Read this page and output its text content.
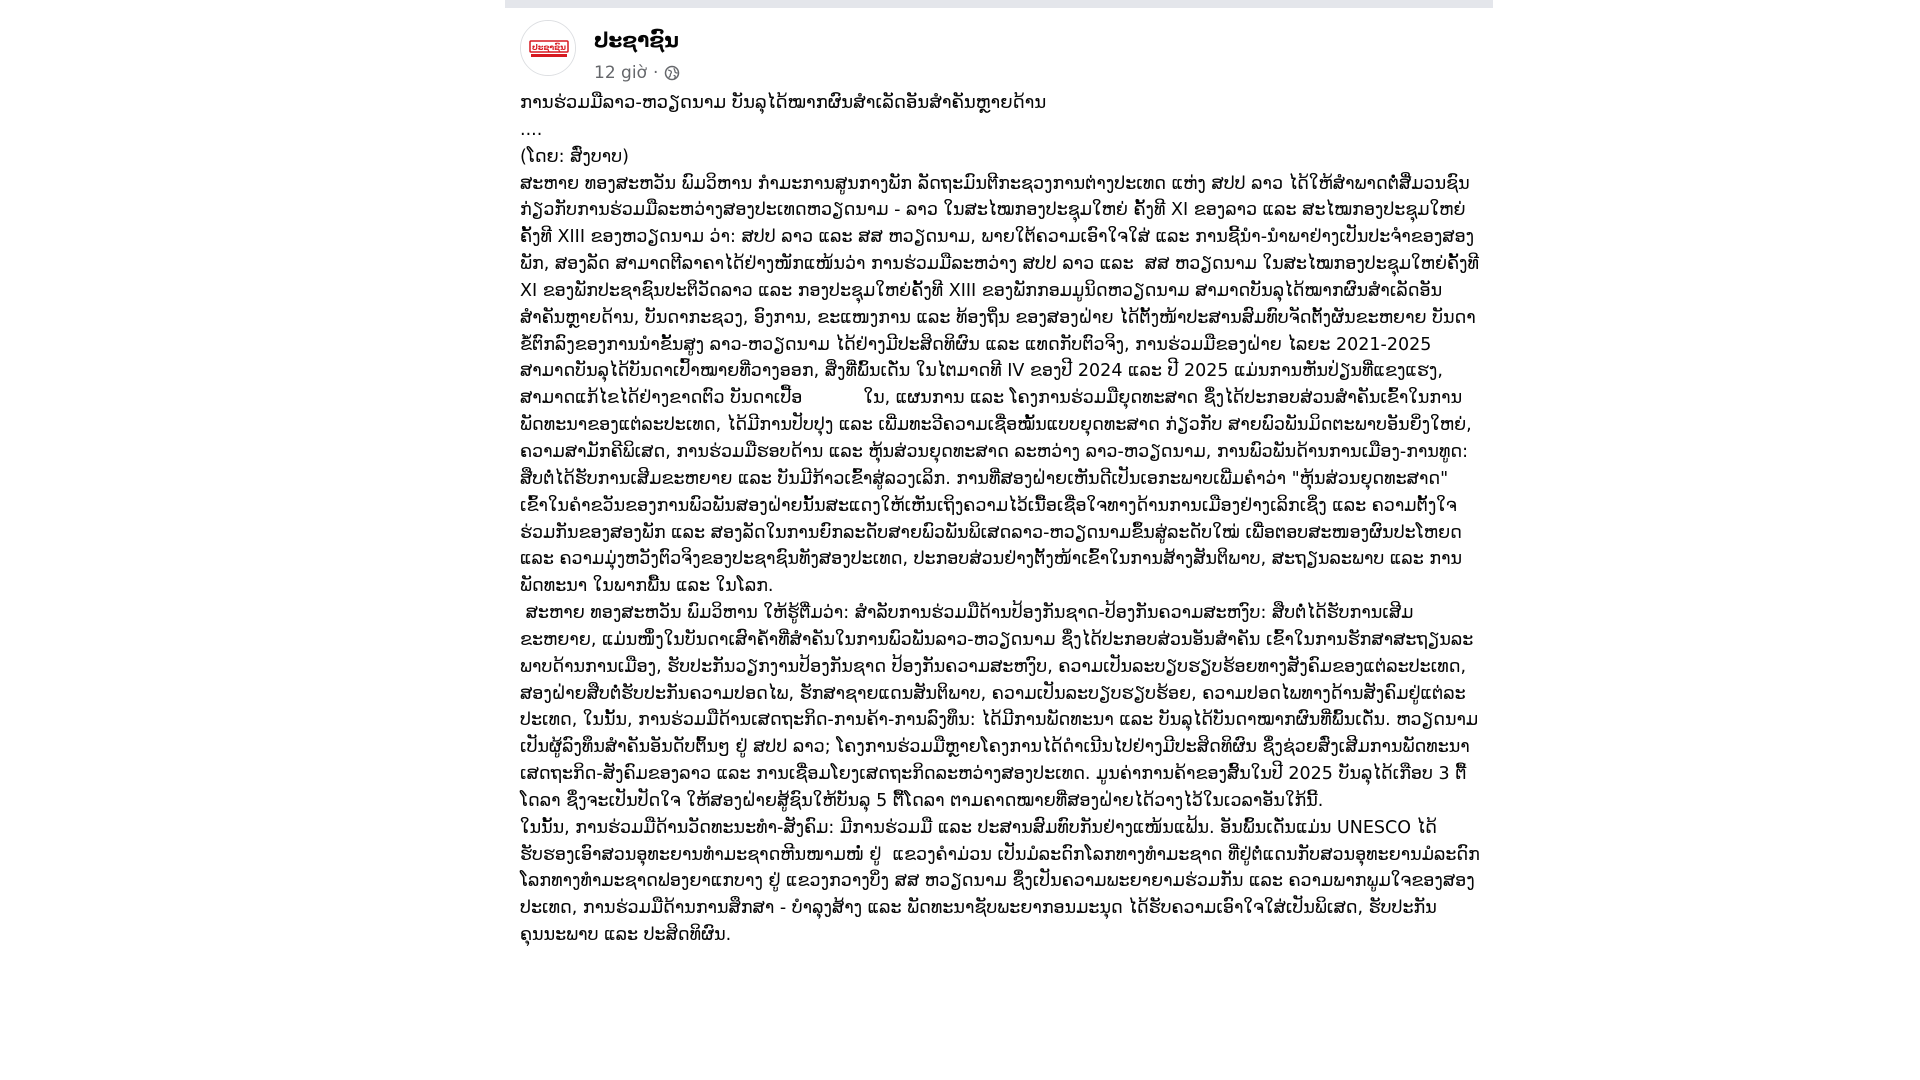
ປະຊາຊົນ ປະຊາຊົນ
12 giờ ·

ການຮ່ວມມືລາວ-ຫວຽດນາມ ບັນລຸໄດ້ໝາກຜົນສຳເລັດອັນສຳຄັນຫຼາຍດ້ານ

....

(ໂດຍ: ສົ່ງບາບ)

ສະຫາຍ ທອງສະຫວັນ ພົມວິຫານ ກຳມະການສູນກາງພັກ ລັດຖະມົນຕີກະຊວງການຕ່າງປະເທດ ແຫ່ງ ສປປ ລາວ ໄດ້ໃຫ້ສຳພາດຕໍ່ສື່ມວນຊົນກ່ຽວກັບການຮ່ວມມືລະຫວ່າງສອງປະເທດຫວຽດນາມ - ລາວ ໃນສະໄໝກອງປະຊຸມໃຫຍ່ ຄັ້ງທີ XI ຂອງລາວ ແລະ ສະໄໝກອງປະຊຸມໃຫຍ່ ຄັ້ງທີ XIII ຂອງຫວຽດນາມ ວ່າ: ສປປ ລາວ ແລະ ສສ ຫວຽດນາມ, ພາຍໃຕ້ຄວາມເອົາໃຈໃສ່ ແລະ ການຊີ້ນຳ-ນຳພາຢ່າງເປັນປະຈຳຂອງສອງພັກ, ສອງລັດ ສາມາດຕີລາຄາໄດ້ຢ່າງໜັກແໜ້ນວ່າ ການຮ່ວມມືລະຫວ່າງ ສປປ ລາວ ແລະ  ສສ ຫວຽດນາມ ໃນສະໄໝກອງປະຊຸມໃຫຍ່ຄັ້ງທີ XI ຂອງພັກປະຊາຊົນປະຕິວັດລາວ ແລະ ກອງປະຊຸມໃຫຍ່ຄັ້ງທີ XIII ຂອງພັກກອມມູນິດຫວຽດນາມ ສາມາດບັນລຸໄດ້ໝາກຜົນສຳເລັດອັນສຳຄັນຫຼາຍດ້ານ, ບັນດາກະຊວງ, ອົງການ, ຂະແໜງການ ແລະ ທ້ອງຖິ່ນ ຂອງສອງຝ່າຍ ໄດ້ຕັ້ງໜ້າປະສານສົມທົບຈັດຕັ້ງຜັນຂະຫຍາຍ ບັນດາຂໍ້ຕົກລົງຂອງການນຳຂັ້ນສູງ ລາວ-ຫວຽດນາມ ໄດ້ຢ່າງມີປະສິດທິຜົນ ແລະ ແທດກັບຕົວຈິງ, ການຮ່ວມມືຂອງຝ່າຍ ໄລຍະ 2021-2025 ສາມາດບັນລຸໄດ້ບັນດາເປົ້າໝາຍທີ່ວາງອອກ, ສິ່ງທີ່ພົ້ນເດັ່ນ ໃນໄຕມາດທີ IV ຂອງປີ 2024 ແລະ ປີ 2025 ແມ່ນການຫັນປ່ຽນທີ່ແຂງແຮງ, ສາມາດແກ້ໄຂໄດ້ຢ່າງຂາດຕົວ ບັນດາເປື້ອ           ໃນ, ແຜນການ ແລະ ໂຄງການຮ່ວມມືຍຸດທະສາດ ຊຶ່ງໄດ້ປະກອບສ່ວນສຳຄັນເຂົ້າໃນການພັດທະນາຂອງແຕ່ລະປະເທດ, ໄດ້ມີການປັບປຸງ ແລະ ເພີ່ມທະວີຄວາມເຊື່ອໝັ້ນແບບຍຸດທະສາດ ກ່ຽວກັບ ສາຍພົວພັນມິດຕະພາບອັນຍິ່ງໃຫຍ່, ຄວາມສາມັກຄີພິເສດ, ການຮ່ວມມືຮອບດ້ານ ແລະ ຫຸ້ນສ່ວນຍຸດທະສາດ ລະຫວ່າງ ລາວ-ຫວຽດນາມ, ການພົວພັນດ້ານການເມືອງ-ການທູດ: ສືບຕໍ່ໄດ້ຮັບການເສີມຂະຫຍາຍ ແລະ ບັນມີກ້າວເຂົ້າສູ່ລວງເລິກ. ການທີ່ສອງຝ່າຍເຫັນດີເປັນເອກະພາບເພີ່ມຄຳວ່າ "ຫຸ້ນສ່ວນຍຸດທະສາດ" ເຂົ້າໃນຄຳຂວັນຂອງການພົວພັນສອງຝ່າຍນັ້ນສະແດງໃຫ້ເຫັນເຖິງຄວາມໄວ້ເນື້ອເຊື່ອໃຈທາງດ້ານການເມືອງຢ່າງເລິກເຊິ່ງ ແລະ ຄວາມຕັ້ງໃຈຮ່ວມກັນຂອງສອງພັກ ແລະ ສອງລັດໃນການຍົກລະດັບສາຍພົວພັນພິເສດລາວ-ຫວຽດນາມຂຶ້ນສູ່ລະດັບໃໝ່ ເພື່ອຕອບສະໜອງຜົນປະໂຫຍດ ແລະ ຄວາມມຸ່ງຫວັງຕົວຈິງຂອງປະຊາຊົນທັງສອງປະເທດ, ປະກອບສ່ວນຢ່າງຕັ້ງໜ້າເຂົ້າໃນການສ້າງສັນຕິພາບ, ສະຖຽນລະພາບ ແລະ ການພັດທະນາ ໃນພາກພື້ນ ແລະ ໃນໂລກ.

ສະຫາຍ ທອງສະຫວັນ ພົມວິຫານ ໃຫ້ຮູ້ຕື່ມວ່າ: ສຳລັບການຮ່ວມມືດ້ານປ້ອງກັນຊາດ-ປ້ອງກັນຄວາມສະຫງົບ: ສືບຕໍ່ໄດ້ຮັບການເສີມຂະຫຍາຍ, ແມ່ນໜຶ່ງໃນບັນດາເສົາຄ້ຳທີ່ສຳຄັນໃນການພົວພັນລາວ-ຫວຽດນາມ ຊຶ່ງໄດ້ປະກອບສ່ວນອັນສຳຄັນ ເຂົ້າໃນການຮັກສາສະຖຽນລະພາບດ້ານການເມືອງ, ຮັບປະກັນວຽກງານປ້ອງກັນຊາດ ປ້ອງກັນຄວາມສະຫງົບ, ຄວາມເປັນລະບຽບຮຽບຮ້ອຍທາງສັງຄົມຂອງແຕ່ລະປະເທດ, ສອງຝ່າຍສືບຕໍ່ຮັບປະກັນຄວາມປອດໄພ, ຮັກສາຊາຍແດນສັນຕິພາບ, ຄວາມເປັນລະບຽບຮຽບຮ້ອຍ, ຄວາມປອດໄພທາງດ້ານສັງຄົມຢູ່ແຕ່ລະປະເທດ, ໃນນັ້ນ, ການຮ່ວມມືດ້ານເສດຖະກິດ-ການຄ້າ-ການລົງທຶນ: ໄດ້ມີການພັດທະນາ ແລະ ບັນລຸໄດ້ບັນດາໝາກຜົນທີ່ພົ້ນເດັ່ນ. ຫວຽດນາມເປັນຜູ້ລົງທຶນສຳຄັນອັນດັບຕົ້ນໆ ຢູ່ ສປປ ລາວ; ໂຄງການຮ່ວມມືຫຼາຍໂຄງການໄດ້ດຳເນີນໄປຢ່າງມີປະສິດທິຜົນ ຊຶ່ງຊ່ວຍສົ່ງເສີມການພັດທະນາເສດຖະກິດ-ສັງຄົມຂອງລາວ ແລະ ການເຊື່ອມໂຍງເສດຖະກິດລະຫວ່າງສອງປະເທດ. ມູນຄ່າການຄ້າຂອງສົ້ນໃນປີ 2025 ບັນລຸໄດ້ເກືອບ 3 ຕື້ໂດລາ ຊຶ່ງຈະເປັນປັດໃຈ ໃຫ້ສອງຝ່າຍສູ້ຊົນໃຫ້ບັນລຸ 5 ຕື້ໂດລາ ຕາມຄາດໝາຍທີ່ສອງຝ່າຍໄດ້ວາງໄວ້ໃນເວລາອັນໃກ້ນີ້.

ໃນນັ້ນ, ການຮ່ວມມືດ້ານວັດທະນະທຳ-ສັງຄົມ: ມີການຮ່ວມມື ແລະ ປະສານສົມທົບກັນຢ່າງແໜ້ນແຟ້ນ. ອັນພົ້ນເດັ່ນແມ່ນ UNESCO ໄດ້ຮັບຮອງເອົາສວນອຸທະຍານທຳມະຊາດຫີນໜາມໜໍ່ ຢູ່  ແຂວງຄຳມ່ວນ ເປັນມໍລະດົກໂລກທາງທຳມະຊາດ ທີ່ຢູ່ຕໍ່ແດນກັບສວນອຸທະຍານມໍລະດົກໂລກທາງທຳມະຊາດຟອງຍາແກບາງ ຢູ່ ແຂວງກວາງບິ່ງ ສສ ຫວຽດນາມ ຊຶ່ງເປັນຄວາມພະຍາຍາມຮ່ວມກັນ ແລະ ຄວາມພາກພູມໃຈຂອງສອງປະເທດ, ການຮ່ວມມືດ້ານການສຶກສາ - ບຳລຸງສ້າງ ແລະ ພັດທະນາຊັບພະຍາກອນມະນຸດ ໄດ້ຮັບຄວາມເອົາໃຈໃສ່ເປັນພິເສດ, ຮັບປະກັນຄຸນນະພາບ ແລະ ປະສິດທິຜົນ.
